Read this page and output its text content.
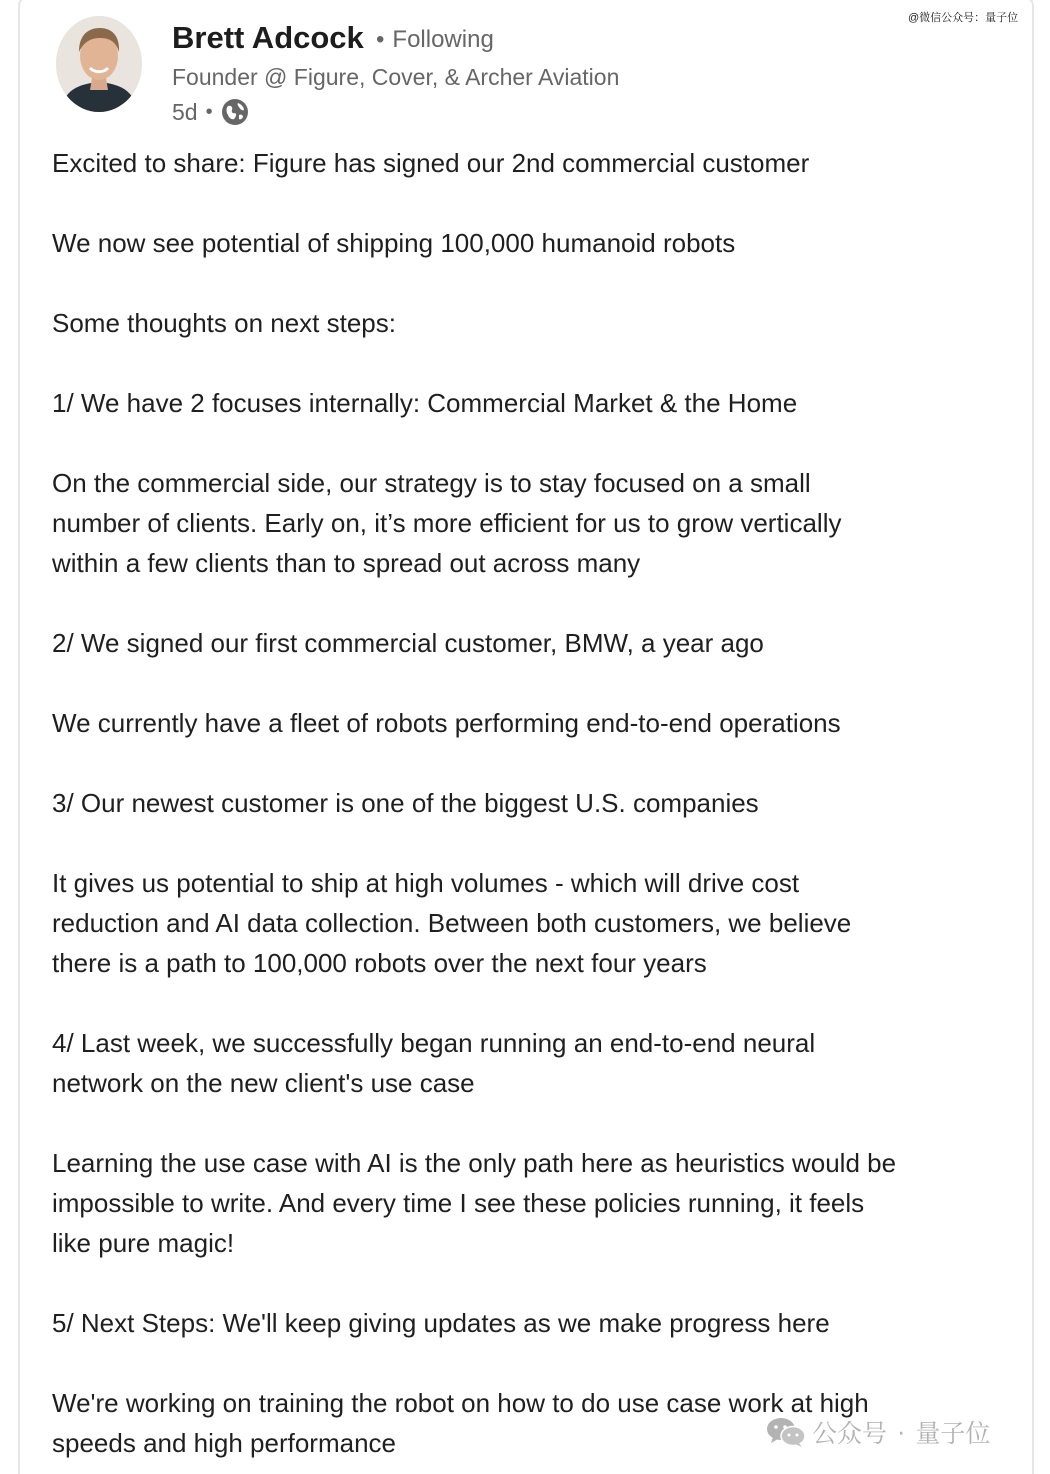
Brett Adcock • Following
Founder @ Figure, Cover, & Archer Aviation
5d •
@微信公众号：量子位

Excited to share: Figure has signed our 2nd commercial customer

We now see potential of shipping 100,000 humanoid robots

Some thoughts on next steps:

1/ We have 2 focuses internally: Commercial Market & the Home

On the commercial side, our strategy is to stay focused on a small
number of clients. Early on, it’s more efficient for us to grow vertically
within a few clients than to spread out across many

2/ We signed our first commercial customer, BMW, a year ago

We currently have a fleet of robots performing end-to-end operations

3/ Our newest customer is one of the biggest U.S. companies

It gives us potential to ship at high volumes - which will drive cost
reduction and AI data collection. Between both customers, we believe
there is a path to 100,000 robots over the next four years

4/ Last week, we successfully began running an end-to-end neural
network on the new client's use case

Learning the use case with AI is the only path here as heuristics would be
impossible to write. And every time I see these policies running, it feels
like pure magic!

5/ Next Steps: We'll keep giving updates as we make progress here

We're working on training the robot on how to do use case work at high
speeds and high performance	公众号 · 量子位
